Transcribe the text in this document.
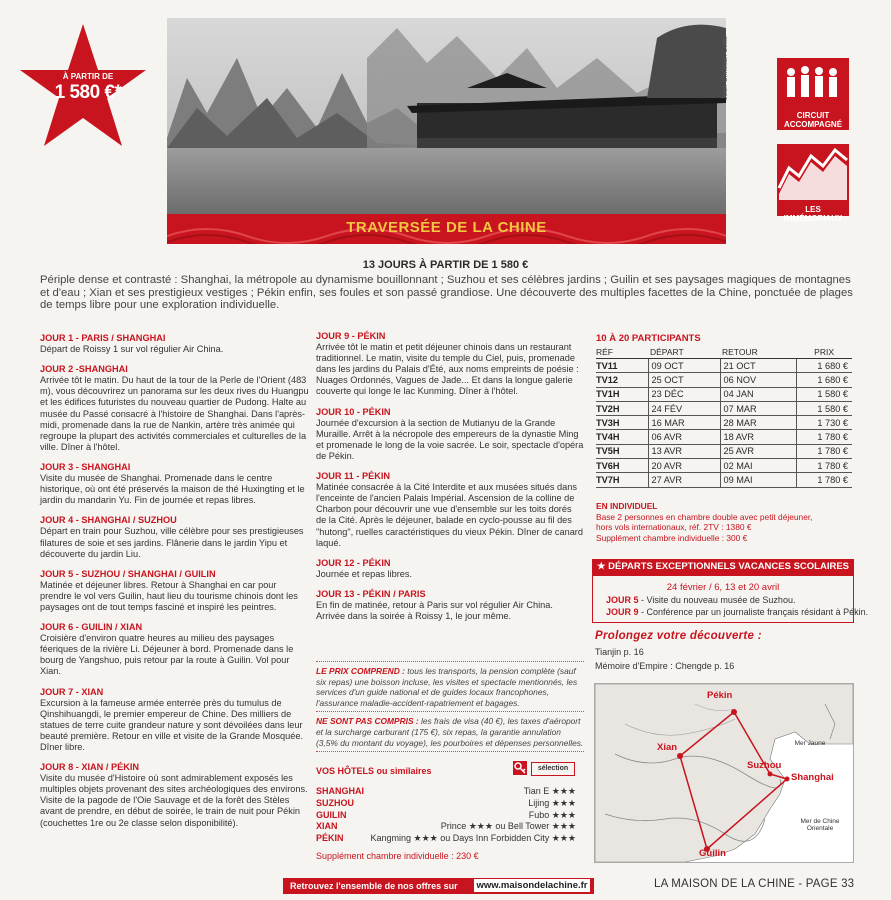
À PARTIR DE
1 580 €*	Jean-Christian Cottu
TRAVERSÉE DE LA CHINE
CIRCUIT
ACCOMPAGNÉ
LES IMMÉMORIAUX
13 JOURS À PARTIR DE 1 580 €
Périple dense et contrasté : Shanghai, la métropole au dynamisme bouillonnant ; Suzhou et ses célèbres jardins ; Guilin et ses paysages magiques de montagnes et d'eau ; Xian et ses prestigieux vestiges ; Pékin enfin, ses foules et son passé grandiose. Une découverte des multiples facettes de la Chine, ponctuée de plages de temps libre pour une exploration individuelle.

JOUR 1 - PARIS / SHANGHAI

Départ de Roissy 1 sur vol régulier Air China.

JOUR 2 -SHANGHAI

Arrivée tôt le matin. Du haut de la tour de la Perle de l'Orient (483 m), vous découvrirez un panorama sur les deux rives du Huangpu et les édifices futuristes du nouveau quartier de Pudong. Halte au musée du Passé consacré à l'histoire de Shanghai. Dans l'après-midi, promenade dans la rue de Nankin, artère très animée qui regroupe la plupart des activités commerciales et culturelles de la ville. Dîner à l'hôtel.

JOUR 3 - SHANGHAI

Visite du musée de Shanghai. Promenade dans le centre historique, où ont été préservés la maison de thé Huxingting et le jardin du mandarin Yu. Fin de journée et repas libres.

JOUR 4 - SHANGHAI / SUZHOU

Départ en train pour Suzhou, ville célèbre pour ses prestigieuses filatures de soie et ses jardins. Flânerie dans le jardin Yipu et découverte du jardin Liu.

JOUR 5 - SUZHOU / SHANGHAI / GUILIN

Matinée et déjeuner libres. Retour à Shanghai en car pour prendre le vol vers Guilin, haut lieu du tourisme chinois dont les paysages ont de tout temps fasciné et inspiré les peintres.

JOUR 6 - GUILIN / XIAN

Croisière d'environ quatre heures au milieu des paysages féeriques de la rivière Li. Déjeuner à bord. Promenade dans le bourg de Yangshuo, puis retour par la route à Guilin. Vol pour Xian.

JOUR 7 - XIAN

Excursion à la fameuse armée enterrée près du tumulus de Qinshihuangdi, le premier empereur de Chine. Des milliers de statues de terre cuite grandeur nature y sont dévoilées dans leur beauté première. Retour en ville et visite de la Grande Mosquée. Dîner libre.

JOUR 8 - XIAN / PÉKIN

Visite du musée d'Histoire où sont admirablement exposés les multiples objets provenant des sites archéologiques des environs. Visite de la pagode de l'Oie Sauvage et de la forêt des Stèles avant de prendre, en début de soirée, le train de nuit pour Pékin (couchettes 1re ou 2e classe selon disponibilité).

JOUR 9 - PÉKIN

Arrivée tôt le matin et petit déjeuner chinois dans un restaurant traditionnel. Le matin, visite du temple du Ciel, puis, promenade dans les jardins du Palais d'Été, aux noms empreints de poésie : Nuages Ordonnés, Vagues de Jade... Et dans la longue galerie couverte qui longe le lac Kunming. Dîner à l'hôtel.

JOUR 10 - PÉKIN

Journée d'excursion à la section de Mutianyu de la Grande Muraille. Arrêt à la nécropole des empereurs de la dynastie Ming et promenade le long de la voie sacrée. Le soir, spectacle d'opéra de Pékin.

JOUR 11 - PÉKIN

Matinée consacrée à la Cité Interdite et aux musées situés dans l'enceinte de l'ancien Palais Impérial. Ascension de la colline de Charbon pour découvrir une vue d'ensemble sur les toits dorés de la Cité. Après le déjeuner, balade en cyclo-pousse au fil des "hutong", ruelles caractéristiques du vieux Pékin. Dîner de canard laqué.

JOUR 12 - PÉKIN

Journée et repas libres.

JOUR 13 - PÉKIN / PARIS

En fin de matinée, retour à Paris sur vol régulier Air China. Arrivée dans la soirée à Roissy 1, le jour même.

LE PRIX COMPREND : tous les transports, la pension complète (sauf six repas) une boisson incluse, les visites et spectacle mentionnés, les services d'un guide national et de guides locaux francophones, l'assurance maladie-accident-rapatriement et bagages.

NE SONT PAS COMPRIS : les frais de visa (40 €), les taxes d'aéroport et la surcharge carburant (175 €), six repas, la garantie annulation (3,5% du montant du voyage), les pourboires et dépenses personnelles.

VOS HÔTELS ou similaires	sélection
SHANGHAI	Tian E ★★★
SUZHOU	Lijing ★★★
GUILIN	Fubo ★★★
XIAN	Prince ★★★ ou Bell Tower ★★★
PÉKIN	Kangming ★★★ ou Days Inn Forbidden City ★★★
Supplément chambre individuelle : 230 €
10 À 20 PARTICIPANTS
RÉF	DÉPART	RETOUR	PRIX
TV11	09 OCT	21 OCT	1 680 €
TV12	25 OCT	06 NOV	1 680 €
TV1H	23 DÉC	04 JAN	1 580 €
TV2H	24 FÉV	07 MAR	1 580 €
TV3H	16 MAR	28 MAR	1 730 €
TV4H	06 AVR	18 AVR	1 780 €
TV5H	13 AVR	25 AVR	1 780 €
TV6H	20 AVR	02 MAI	1 780 €
TV7H	27 AVR	09 MAI	1 780 €
EN INDIVIDUEL
Base 2 personnes en chambre double avec petit déjeuner,
hors vols internationaux, réf. 2TV : 1380 €
Supplément chambre individuelle : 300 €
★ DÉPARTS EXCEPTIONNELS VACANCES SCOLAIRES
24 février / 6, 13 et 20 avril
JOUR 5 - Visite du nouveau musée de Suzhou.
JOUR 9 - Conférence par un journaliste français résidant à Pékin.
Prolongez votre découverte :
Tianjin p. 16
Mémoire d'Empire : Chengde p. 16
Pékin
Xian
Suzhou
Shanghai
Guilin
Mer Jaune
Mer de Chine
Orientale
Retrouvez l'ensemble de nos offres sur www.maisondelachine.fr	LA MAISON DE LA CHINE - PAGE 33
